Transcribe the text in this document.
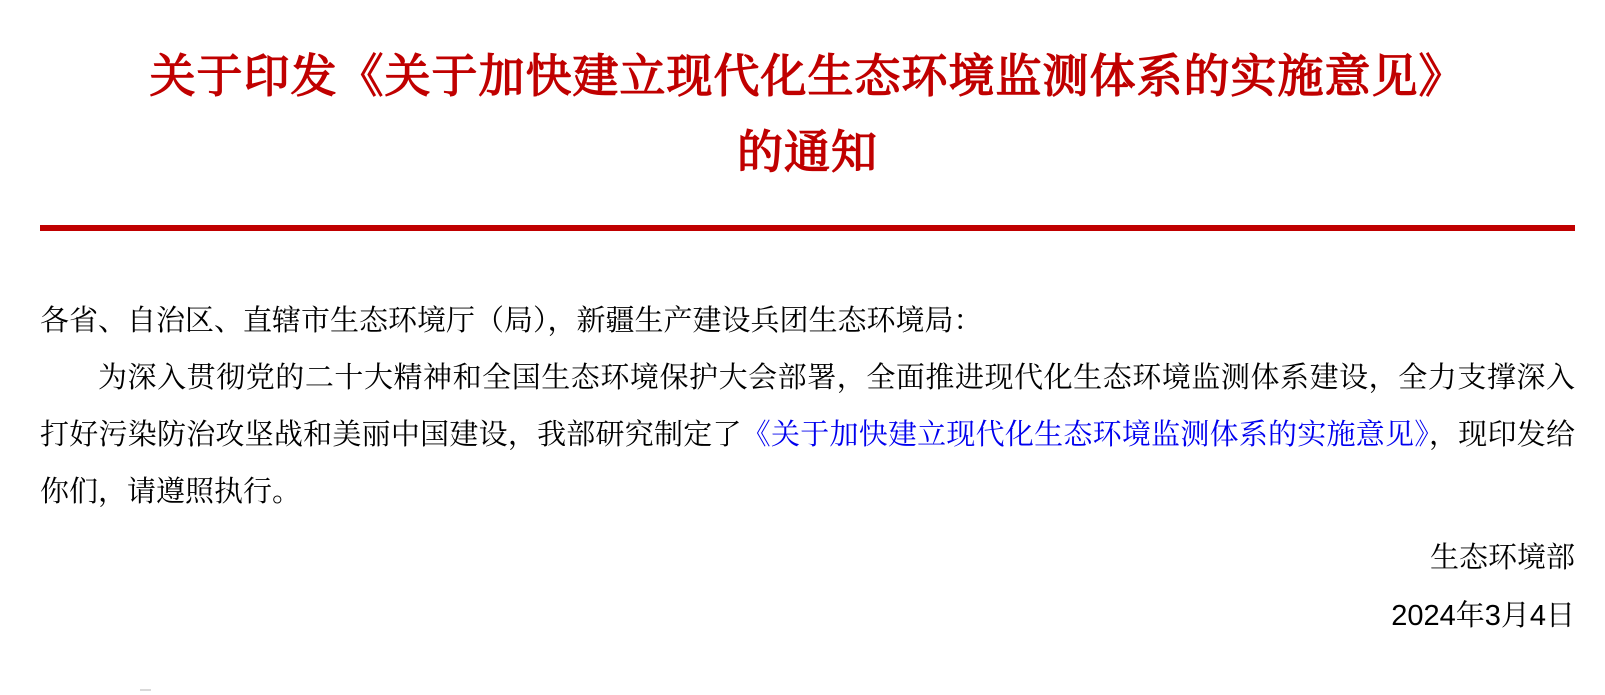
关于印发《关于加快建立现代化生态环境监测体系的实施意见》
的通知

各省、自治区、直辖市生态环境厅（局），新疆生产建设兵团生态环境局：

为深入贯彻党的二十大精神和全国生态环境保护大会部署，全面推进现代化生态环境监测体系建设，全力支撑深入打好污染防治攻坚战和美丽中国建设，我部研究制定了《关于加快建立现代化生态环境监测体系的实施意见》，现印发给你们，请遵照执行。

生态环境部
2024年3月4日
